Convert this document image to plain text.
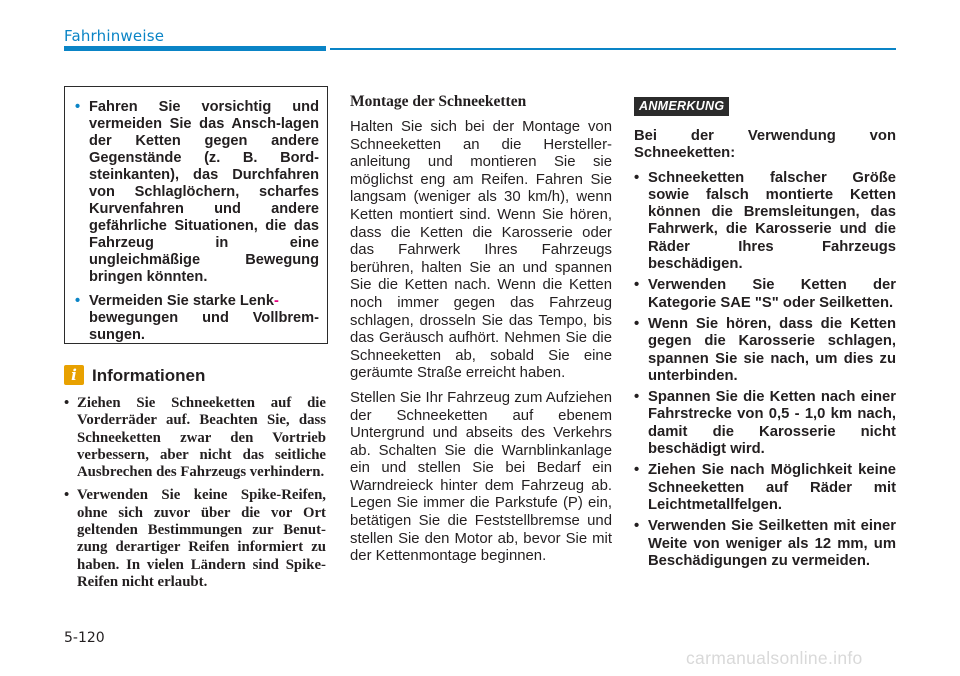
Fahrhinweise
• Fahren Sie vorsichtig und vermeiden Sie das Ansch-lagen der Ketten gegen andere Gegenstände (z. B. Bord-steinkanten), das Durchfahren von Schlaglöchern, scharfes Kurvenfahren und andere gefährliche Situationen, die das Fahrzeug in eine ungleichmäßige Bewegung bringen könnten.
• Vermeiden Sie starke Lenk-
bewegungen und Vollbrem-sungen.
i Informationen
• Ziehen Sie Schneeketten auf die Vorderräder auf. Beachten Sie, dass Schneeketten zwar den Vortrieb verbessern, aber nicht das seitliche Ausbrechen des Fahrzeugs verhindern.
• Verwenden Sie keine Spike-Reifen, ohne sich zuvor über die vor Ort geltenden Bestimmungen zur Benut-zung derartiger Reifen informiert zu haben. In vielen Ländern sind Spike-Reifen nicht erlaubt.
Montage der Schneeketten

Halten Sie sich bei der Montage von Schneeketten an die Hersteller-anleitung und montieren Sie sie möglichst eng am Reifen. Fahren Sie langsam (weniger als 30 km/h), wenn Ketten montiert sind. Wenn Sie hören, dass die Ketten die Karosserie oder das Fahrwerk Ihres Fahrzeugs berühren, halten Sie an und spannen Sie die Ketten nach. Wenn die Ketten noch immer gegen das Fahrzeug schlagen, drosseln Sie das Tempo, bis das Geräusch aufhört. Nehmen Sie die Schneeketten ab, sobald Sie eine geräumte Straße erreicht haben.

Stellen Sie Ihr Fahrzeug zum Aufziehen der Schneeketten auf ebenem Untergrund und abseits des Verkehrs ab. Schalten Sie die Warnblinkanlage ein und stellen Sie bei Bedarf ein Warndreieck hinter dem Fahrzeug ab. Legen Sie immer die Parkstufe (P) ein, betätigen Sie die Feststellbremse und stellen Sie den Motor ab, bevor Sie mit der Kettenmontage beginnen.

ANMERKUNG
Bei der Verwendung von Schneeketten:
• Schneeketten falscher Größe sowie falsch montierte Ketten können die Bremsleitungen, das Fahrwerk, die Karosserie und die Räder Ihres Fahrzeugs beschädigen.
• Verwenden Sie Ketten der Kategorie SAE "S" oder Seilketten.
• Wenn Sie hören, dass die Ketten gegen die Karosserie schlagen, spannen Sie sie nach, um dies zu unterbinden.
• Spannen Sie die Ketten nach einer Fahrstrecke von 0,5 - 1,0 km nach, damit die Karosserie nicht beschädigt wird.
• Ziehen Sie nach Möglichkeit keine Schneeketten auf Räder mit Leichtmetallfelgen.
• Verwenden Sie Seilketten mit einer Weite von weniger als 12 mm, um Beschädigungen zu vermeiden.
5-120
carmanualsonline.info
